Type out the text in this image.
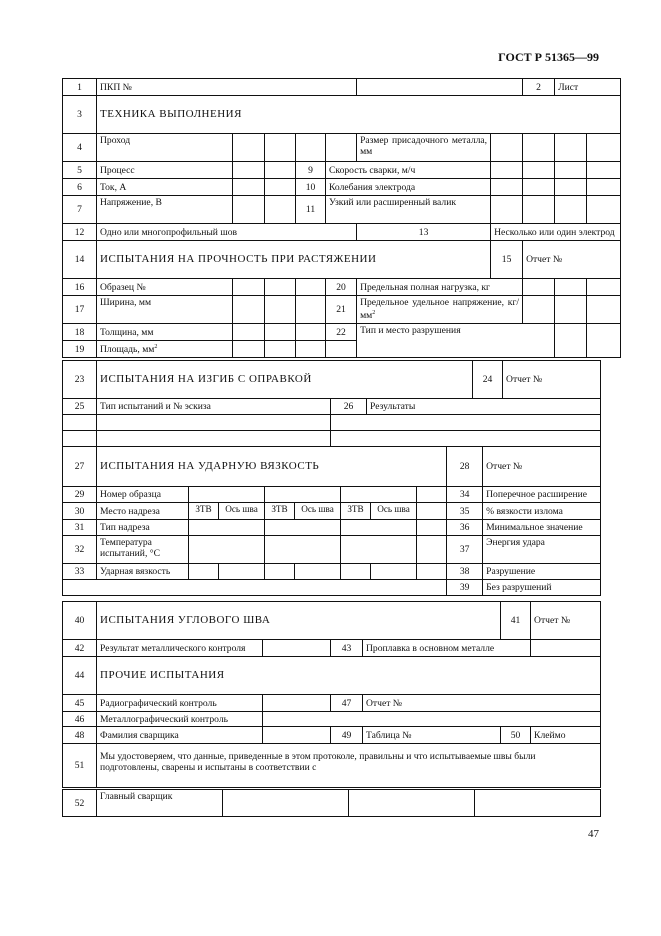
ГОСТ Р 51365—99
1	ПКП №							2	Лист	
3	ТЕХНИКА ВЫПОЛНЕНИЯ									
4	Проход					Размер присадочного металла, мм				
5	Процесс			9	Скорость сварки, м/ч					
6	Ток, А			10	Колебания электрода					
7	Напряжение, В			11	Узкий или расширенный валик					
12	Одно или многопрофильный шов					13	Несколько или один электрод			
14	ИСПЫТАНИЯ НА ПРОЧНОСТЬ ПРИ РАСТЯЖЕНИИ						15	Отчет №		
16	Образец №				20	Предельная полная нагрузка, кг				
17	Ширина, мм				21	Предельное удельное напряжение, $кг/мм^2$			
18	Толщина, мм				22	Тип и место разрушения				
19	Площадь, $мм^2$				
23	ИСПЫТАНИЯ НА ИЗГИБ С ОПРАВКОЙ			24	Отчет №
25	Тип испытаний и № эскиза	26	Результаты		

27	ИСПЫТАНИЯ НА УДАРНУЮ ВЯЗКОСТЬ								28	Отчет №
29	Номер образца								34	Поперечное расширение
30	Место надреза	ЗТВ	Ось шва	ЗТВ	Ось шва	ЗТВ	Ось шва		35	% вязкости излома
31	Тип надреза								36	Минимальное значение
32	Температура испытаний, °С								37	Энергия удара
33	Ударная вязкость								38	Разрушение
									39	Без разрушений
40	ИСПЫТАНИЯ УГЛОВОГО ШВА				41	Отчет №
42	Результат металлического контроля		43	Проплавка в основном металле		
44	ПРОЧИЕ ИСПЫТАНИЯ					
45	Радиографический контроль		47	Отчет №		
46	Металлографический контроль					
48	Фамилия сварщика		49	Таблица №	50	Клеймо
51	Мы удостоверяем, что данные, приведенные в этом протоколе, правильны и что испытываемые швы были подготовлены, сварены и испытаны в соответствии с					
52	Главный сварщик			
47
